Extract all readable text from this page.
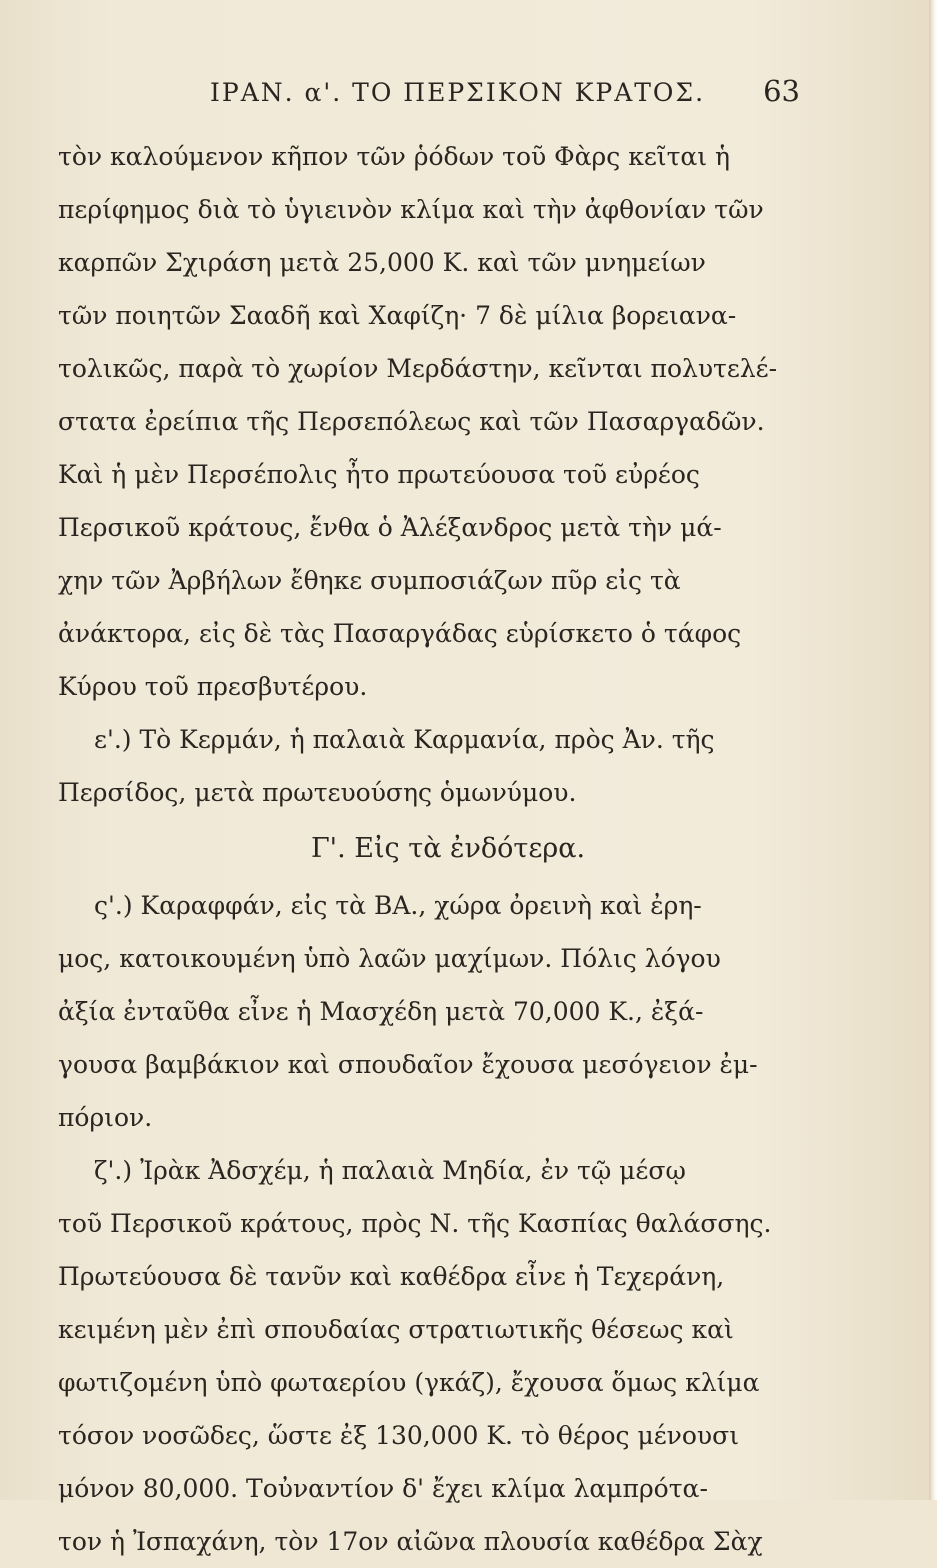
ΙΡΑΝ. α'. ΤΟ ΠΕΡΣΙΚΟΝ ΚΡΑΤΟΣ. 63
τὸν καλούμενον κῆπον τῶν ῥόδων τοῦ Φὰρς κεῖται ἡ
περίφημος διὰ τὸ ὑγιεινὸν κλίμα καὶ τὴν ἀφθονίαν τῶν
καρπῶν Σχιράση μετὰ 25,000 Κ. καὶ τῶν μνημείων
τῶν ποιητῶν Σααδῆ καὶ Χαφίζη· 7 δὲ μίλια βορειανα-
τολικῶς, παρὰ τὸ χωρίον Μερδάστην, κεῖνται πολυτελέ-
στατα ἐρείπια τῆς Περσεπόλεως καὶ τῶν Πασαργαδῶν.
Καὶ ἡ μὲν Περσέπολις ἦτο πρωτεύουσα τοῦ εὐρέος
Περσικοῦ κράτους, ἔνθα ὁ Ἀλέξανδρος μετὰ τὴν μά-
χην τῶν Ἀρβήλων ἔθηκε συμποσιάζων πῦρ εἰς τὰ
ἀνάκτορα, εἰς δὲ τὰς Πασαργάδας εὑρίσκετο ὁ τάφος
Κύρου τοῦ πρεσβυτέρου.
ε'.) Τὸ Κερμάν, ἡ παλαιὰ Καρμανία, πρὸς Ἀν. τῆς
Περσίδος, μετὰ πρωτευούσης ὁμωνύμου.
Γ'. Εἰς τὰ ἐνδότερα.
ς'.) Καραφφάν, εἰς τὰ ΒΑ., χώρα ὀρεινὴ καὶ ἐρη-
μος, κατοικουμένη ὑπὸ λαῶν μαχίμων. Πόλις λόγου
ἀξία ἐνταῦθα εἶνε ἡ Μασχέδη μετὰ 70,000 Κ., ἐξά-
γουσα βαμβάκιον καὶ σπουδαῖον ἔχουσα μεσόγειον ἐμ-
πόριον.
ζ'.) Ἰρὰκ Ἀδσχέμ, ἡ παλαιὰ Μηδία, ἐν τῷ μέσῳ
τοῦ Περσικοῦ κράτους, πρὸς Ν. τῆς Κασπίας θαλάσσης.
Πρωτεύουσα δὲ τανῦν καὶ καθέδρα εἶνε ἡ Τεχεράνη,
κειμένη μὲν ἐπὶ σπουδαίας στρατιωτικῆς θέσεως καὶ
φωτιζομένη ὑπὸ φωταερίου (γκάζ), ἔχουσα ὅμως κλίμα
τόσον νοσῶδες, ὥστε ἐξ 130,000 Κ. τὸ θέρος μένουσι
μόνον 80,000. Τοὐναντίον δ' ἔχει κλίμα λαμπρότα-
τον ἡ Ἰσπαχάνη, τὸν 17ον αἰῶνα πλουσία καθέδρα Σὰχ
